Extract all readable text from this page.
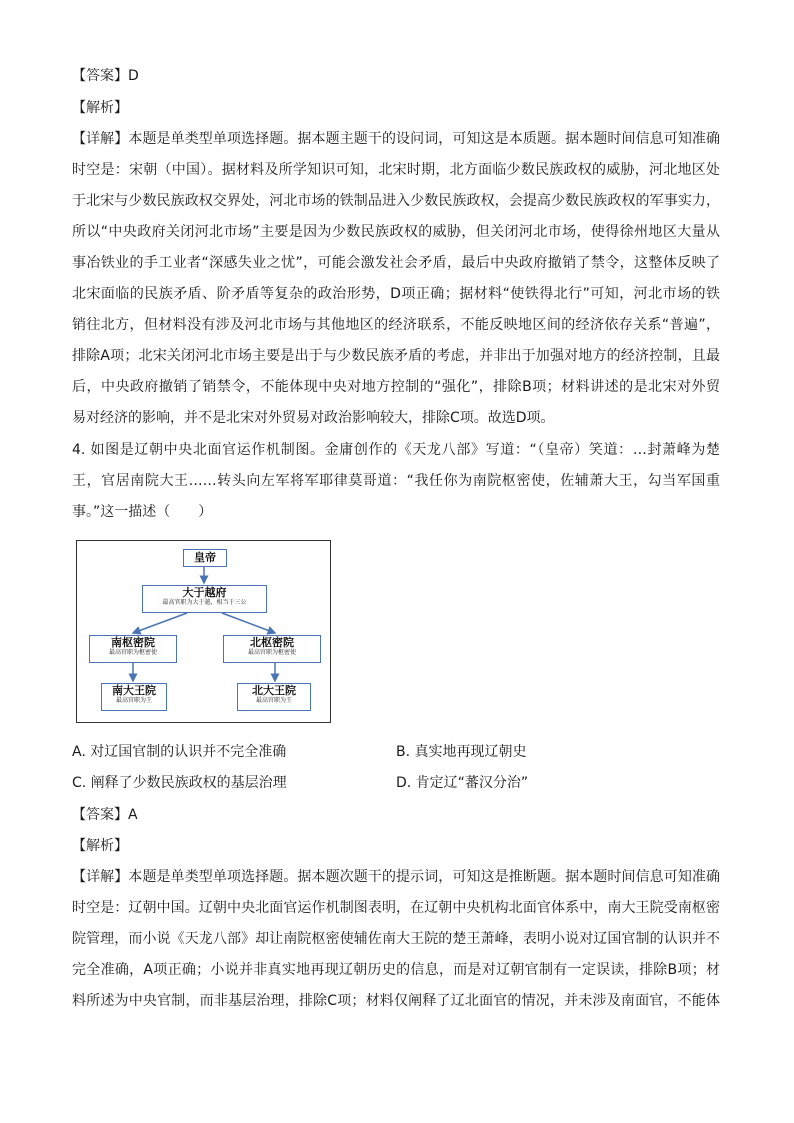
【答案】D
【解析】
【详解】本题是单类型单项选择题。据本题主题干的设问词，可知这是本质题。据本题时间信息可知准确
时空是：宋朝（中国）。据材料及所学知识可知，北宋时期，北方面临少数民族政权的威胁，河北地区处
于北宋与少数民族政权交界处，河北市场的铁制品进入少数民族政权，会提高少数民族政权的军事实力，
所以“中央政府关闭河北市场”主要是因为少数民族政权的威胁，但关闭河北市场，使得徐州地区大量从
事冶铁业的手工业者“深感失业之忧”，可能会激发社会矛盾，最后中央政府撤销了禁令，这整体反映了
北宋面临的民族矛盾、阶矛盾等复杂的政治形势，D项正确；据材料“使铁得北行”可知，河北市场的铁
销往北方，但材料没有涉及河北市场与其他地区的经济联系，不能反映地区间的经济依存关系“普遍”，
排除A项；北宋关闭河北市场主要是出于与少数民族矛盾的考虑，并非出于加强对地方的经济控制，且最
后，中央政府撤销了销禁令，不能体现中央对地方控制的“强化”，排除B项；材料讲述的是北宋对外贸
易对经济的影响，并不是北宋对外贸易对政治影响较大，排除C项。故选D项。
4. 如图是辽朝中央北面官运作机制图。金庸创作的《天龙八部》写道：“（皇帝）笑道：…封萧峰为楚
王，官居南院大王……转头向左军将军耶律莫哥道：“我任你为南院枢密使，佐辅萧大王，勾当军国重
事。”这一描述（　　）
皇帝
大于越府
最高官职为大于越，相当于三公
南枢密院
最高官职为枢密使
北枢密院
最高官职为枢密使
南大王院
最高官职为王
北大王院
最高官职为王
A. 对辽国官制的认识并不完全准确	B. 真实地再现辽朝史
C. 阐释了少数民族政权的基层治理	D. 肯定辽“蕃汉分治”
【答案】A
【解析】
【详解】本题是单类型单项选择题。据本题次题干的提示词，可知这是推断题。据本题时间信息可知准确
时空是：辽朝中国。辽朝中央北面官运作机制图表明，在辽朝中央机构北面官体系中，南大王院受南枢密
院管理，而小说《天龙八部》却让南院枢密使辅佐南大王院的楚王萧峰，表明小说对辽国官制的认识并不
完全准确，A项正确；小说并非真实地再现辽朝历史的信息，而是对辽朝官制有一定误读，排除B项；材
料所述为中央官制，而非基层治理，排除C项；材料仅阐释了辽北面官的情况，并未涉及南面官，不能体
